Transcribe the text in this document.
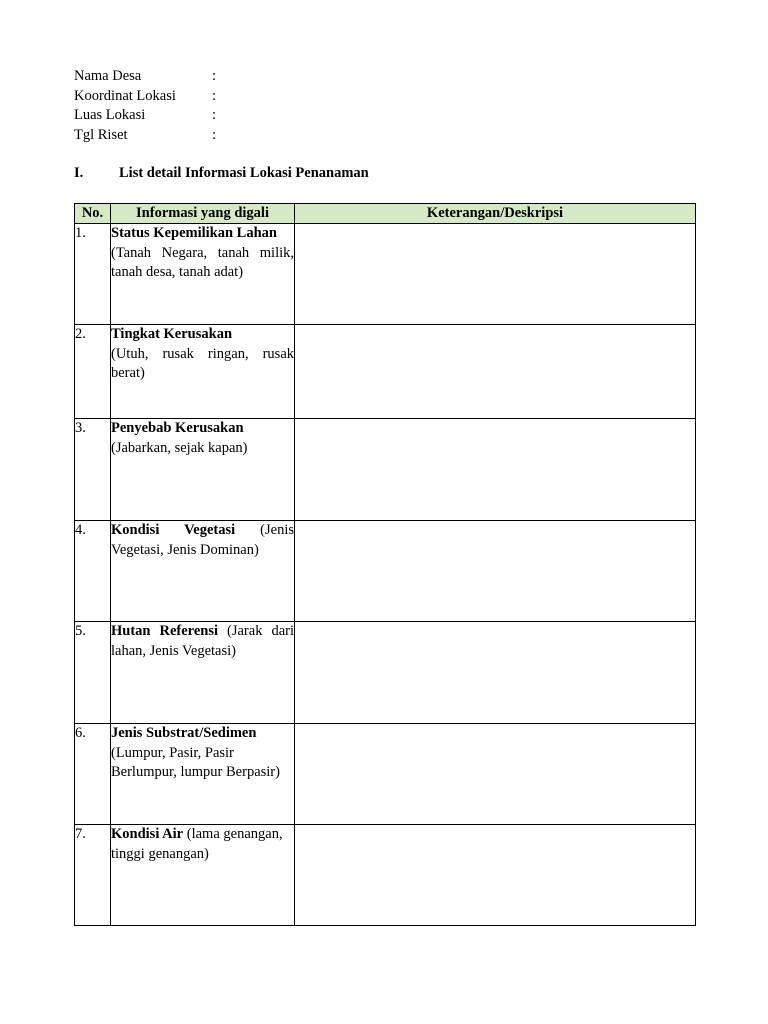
Nama Desa	:
Koordinat Lokasi	:
Luas Lokasi	:
Tgl Riset	:
I.	List detail Informasi Lokasi Penanaman
No.	Informasi yang digali	Keterangan/Deskripsi
1.	Status Kepemilikan Lahan
(Tanah Negara, tanah milik, tanah desa, tanah adat)	
2.	Tingkat Kerusakan
(Utuh, rusak ringan, rusak berat)	
3.	Penyebab Kerusakan
(Jabarkan, sejak kapan)	
4.	Kondisi Vegetasi (Jenis Vegetasi, Jenis Dominan)	
5.	Hutan Referensi (Jarak dari lahan, Jenis Vegetasi)	
6.	Jenis Substrat/Sedimen
(Lumpur, Pasir, Pasir Berlumpur, lumpur Berpasir)	
7.	Kondisi Air (lama genangan, tinggi genangan)	
